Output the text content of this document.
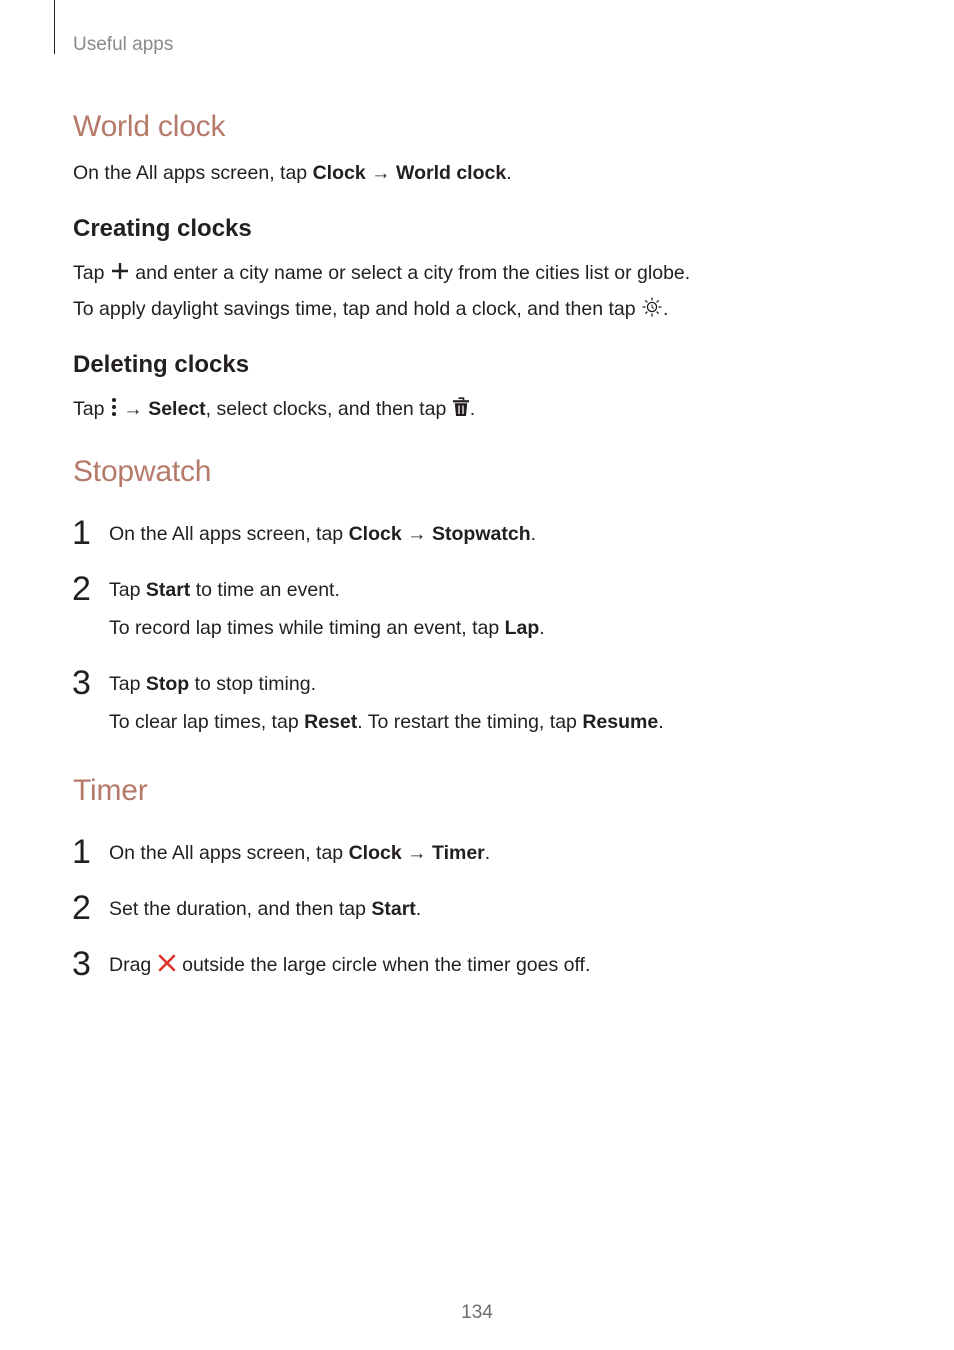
Useful apps
World clock
On the All apps screen, tap Clock → World clock.
Creating clocks
Tap  and enter a city name or select a city from the cities list or globe.
To apply daylight savings time, tap and hold a clock, and then tap .
Deleting clocks
Tap  → Select, select clocks, and then tap .
Stopwatch
1 On the All apps screen, tap Clock → Stopwatch.
2 Tap Start to time an event.
To record lap times while timing an event, tap Lap.
3 Tap Stop to stop timing.
To clear lap times, tap Reset. To restart the timing, tap Resume.
Timer
1 On the All apps screen, tap Clock → Timer.
2 Set the duration, and then tap Start.
3 Drag  outside the large circle when the timer goes off.
134
